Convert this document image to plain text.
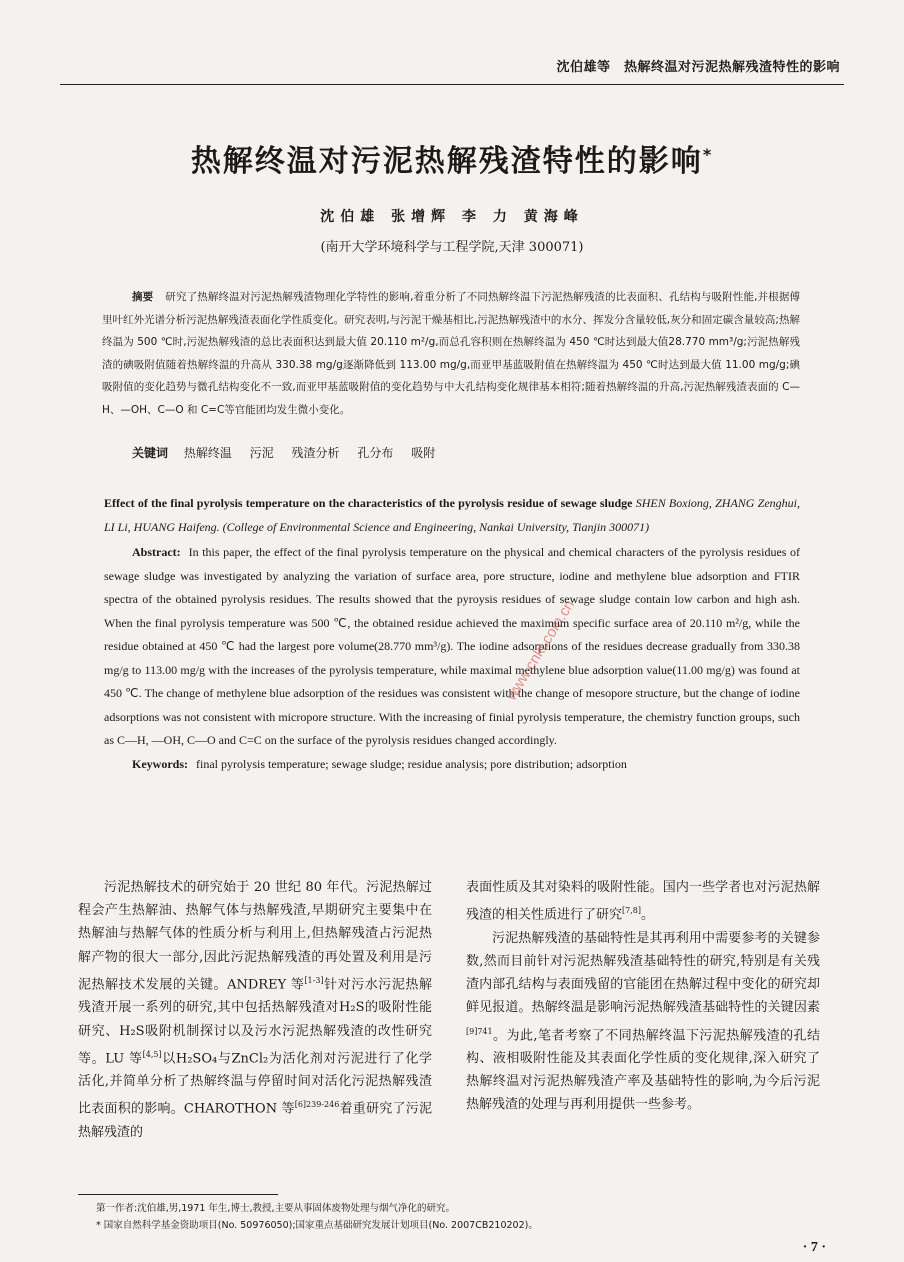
沈伯雄等　热解终温对污泥热解残渣特性的影响
热解终温对污泥热解残渣特性的影响*
沈伯雄 张增辉 李 力 黄海峰
(南开大学环境科学与工程学院,天津 300071)
摘要 研究了热解终温对污泥热解残渣物理化学特性的影响,着重分析了不同热解终温下污泥热解残渣的比表面积、孔结构与吸附性能,并根据傅里叶红外光谱分析污泥热解残渣表面化学性质变化。研究表明,与污泥干燥基相比,污泥热解残渣中的水分、挥发分含量较低,灰分和固定碳含量较高;热解终温为 500 ℃时,污泥热解残渣的总比表面积达到最大值 20.110 m²/g,而总孔容积则在热解终温为 450 ℃时达到最大值28.770 mm³/g;污泥热解残渣的碘吸附值随着热解终温的升高从 330.38 mg/g逐渐降低到 113.00 mg/g,而亚甲基蓝吸附值在热解终温为 450 ℃时达到最大值 11.00 mg/g;碘吸附值的变化趋势与微孔结构变化不一致,而亚甲基蓝吸附值的变化趋势与中大孔结构变化规律基本相符;随着热解终温的升高,污泥热解残渣表面的 C—H、—OH、C—O 和 C=C等官能团均发生微小变化。
关键词 热解终温 污泥 残渣分析 孔分布 吸附
Effect of the final pyrolysis temperature on the characteristics of the pyrolysis residue of sewage sludge SHEN Boxiong, ZHANG Zenghui, LI Li, HUANG Haifeng. (College of Environmental Science and Engineering, Nankai University, Tianjin 300071)
Abstract: In this paper, the effect of the final pyrolysis temperature on the physical and chemical characters of the pyrolysis residues of sewage sludge was investigated by analyzing the variation of surface area, pore structure, iodine and methylene blue adsorption and FTIR spectra of the obtained pyrolysis residues. The results showed that the pyroysis residues of sewage sludge contain low carbon and high ash. When the final pyrolysis temperature was 500 ℃, the obtained residue achieved the maximum specific surface area of 20.110 m²/g, while the residue obtained at 450 ℃ had the largest pore volume(28.770 mm³/g). The iodine adsorptions of the residues decrease gradually from 330.38 mg/g to 113.00 mg/g with the increases of the pyrolysis temperature, while maximal methylene blue adsorption value(11.00 mg/g) was found at 450 ℃. The change of methylene blue adsorption of the residues was consistent with the change of mesopore structure, but the change of iodine adsorptions was not consistent with micropore structure. With the increasing of finial pyrolysis temperature, the chemistry function groups, such as C—H, —OH, C—O and C=C on the surface of the pyrolysis residues changed accordingly.
Keywords: final pyrolysis temperature; sewage sludge; residue analysis; pore distribution; adsorption
www.cnki.com.cn

污泥热解技术的研究始于 20 世纪 80 年代。污泥热解过程会产生热解油、热解气体与热解残渣,早期研究主要集中在热解油与热解气体的性质分析与利用上,但热解残渣占污泥热解产物的很大一部分,因此污泥热解残渣的再处置及利用是污泥热解技术发展的关键。ANDREY 等[1-3]针对污水污泥热解残渣开展一系列的研究,其中包括热解残渣对H₂S的吸附性能研究、H₂S吸附机制探讨以及污水污泥热解残渣的改性研究等。LU 等[4,5]以H₂SO₄与ZnCl₂为活化剂对污泥进行了化学活化,并简单分析了热解终温与停留时间对活化污泥热解残渣比表面积的影响。CHAROTHON 等$^{[6]239-246}$着重研究了污泥热解残渣的

表面性质及其对染料的吸附性能。国内一些学者也对污泥热解残渣的相关性质进行了研究[7,8]。

污泥热解残渣的基础特性是其再利用中需要参考的关键参数,然而目前针对污泥热解残渣基础特性的研究,特别是有关残渣内部孔结构与表面残留的官能团在热解过程中变化的研究却鲜见报道。热解终温是影响污泥热解残渣基础特性的关键因素$^{[9]741}$。为此,笔者考察了不同热解终温下污泥热解残渣的孔结构、液相吸附性能及其表面化学性质的变化规律,深入研究了热解终温对污泥热解残渣产率及基础特性的影响,为今后污泥热解残渣的处理与再利用提供一些参考。

第一作者:沈伯雄,男,1971 年生,博士,教授,主要从事固体废物处理与烟气净化的研究。
* 国家自然科学基金资助项目(No. 50976050);国家重点基础研究发展计划项目(No. 2007CB210202)。
· 7 ·
